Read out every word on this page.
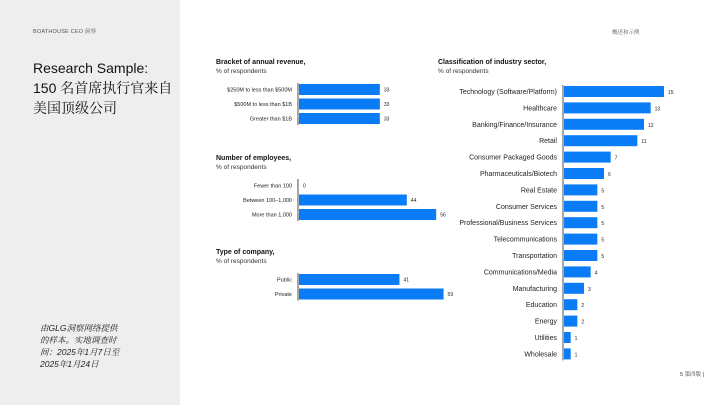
BOATHOUSE CEO 洞察
Research Sample:
150 名首席执行官来自
美国顶级公司
由GLG洞察网络提供
的样本。实地调查时
间：2025年1月7日至
2025年1月24日
概述和示例
5 第四版 |
Bracket of annual revenue,
% of respondents
$250M to less than $500M	33
$500M to less than $1B	33
Greater than $1B	33
Number of employees,
% of respondents
Fewer than 100 0
Between 100–1,000	44
More than 1,000	56
Type of company,
% of respondents
Public	41
Private	59
Classification of industry sector,
% of respondents
Technology (Software/Platform)	15
Healthcare	13
Banking/Finance/Insurance	12
Retail	11
Consumer Packaged Goods	7
Pharmaceuticals/Biotech	6
Real Estate	5
Consumer Services	5
Professional/Business Services	5
Telecommunications	5
Transportation	5
Communications/Media	4
Manufacturing	3
Education	2
Energy	2
Utilities	1
Wholesale	1
